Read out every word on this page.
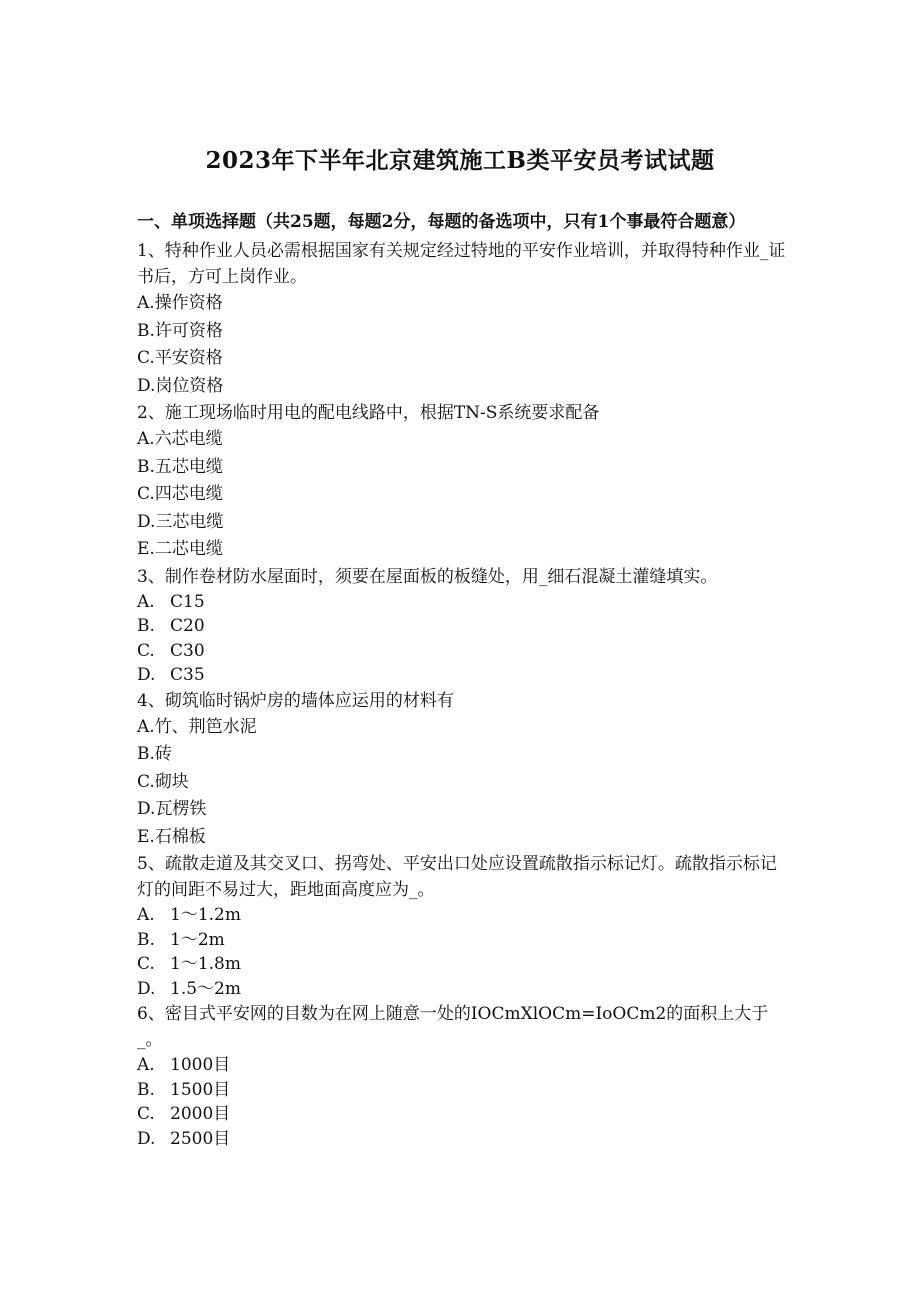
2023年下半年北京建筑施工B类平安员考试试题
一、单项选择题（共25题，每题2分，每题的备选项中，只有1个事最符合题意）
1、特种作业人员必需根据国家有关规定经过特地的平安作业培训，并取得特种作业_证书后，方可上岗作业。
A.操作资格
B.许可资格
C.平安资格
D.岗位资格
2、施工现场临时用电的配电线路中，根据TN-S系统要求配备
A.六芯电缆
B.五芯电缆
C.四芯电缆
D.三芯电缆
E.二芯电缆
3、制作卷材防水屋面时，须要在屋面板的板缝处，用_细石混凝土灌缝填实。
A. C15
B. C20
C. C30
D. C35
4、砌筑临时锅炉房的墙体应运用的材料有
A.竹、荆笆水泥
B.砖
C.砌块
D.瓦楞铁
E.石棉板
5、疏散走道及其交叉口、拐弯处、平安出口处应设置疏散指示标记灯。疏散指示标记灯的间距不易过大，距地面高度应为_。
A. 1～1.2m
B. 1～2m
C. 1～1.8m
D. 1.5～2m
6、密目式平安网的目数为在网上随意一处的IOCmXlOCm=IoOCm2的面积上大于_。
A. 1000目
B. 1500目
C. 2000目
D. 2500目
